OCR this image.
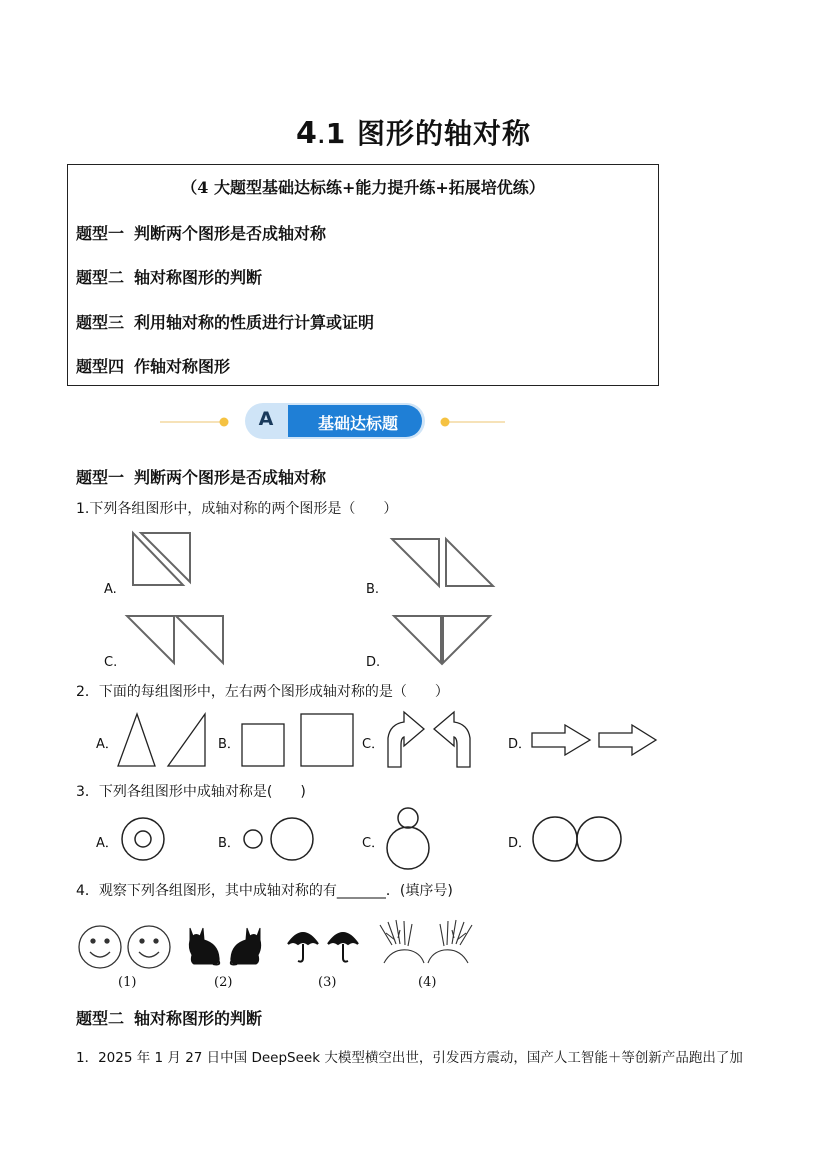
4.1 图形的轴对称
（4 大题型基础达标练+能力提升练+拓展培优练）
题型一 判断两个图形是否成轴对称
题型二 轴对称图形的判断
题型三 利用轴对称的性质进行计算或证明
题型四 作轴对称图形
A	基础达标题
题型一 判断两个图形是否成轴对称
1.下列各组图形中，成轴对称的两个图形是（　　）
A.	B.
C.	D.
2．下面的每组图形中，左右两个图形成轴对称的是（　　）
A．	B．	C．	D．
3．下列各组图形中成轴对称是(　　)
A．	B．	C．	D．
4．观察下列各组图形，其中成轴对称的有_______．(填序号)
(1)	(2)	(3)	(4)
题型二 轴对称图形的判断
1．2025 年 1 月 27 日中国 DeepSeek 大模型横空出世，引发西方震动，国产人工智能＋等创新产品跑出了加
